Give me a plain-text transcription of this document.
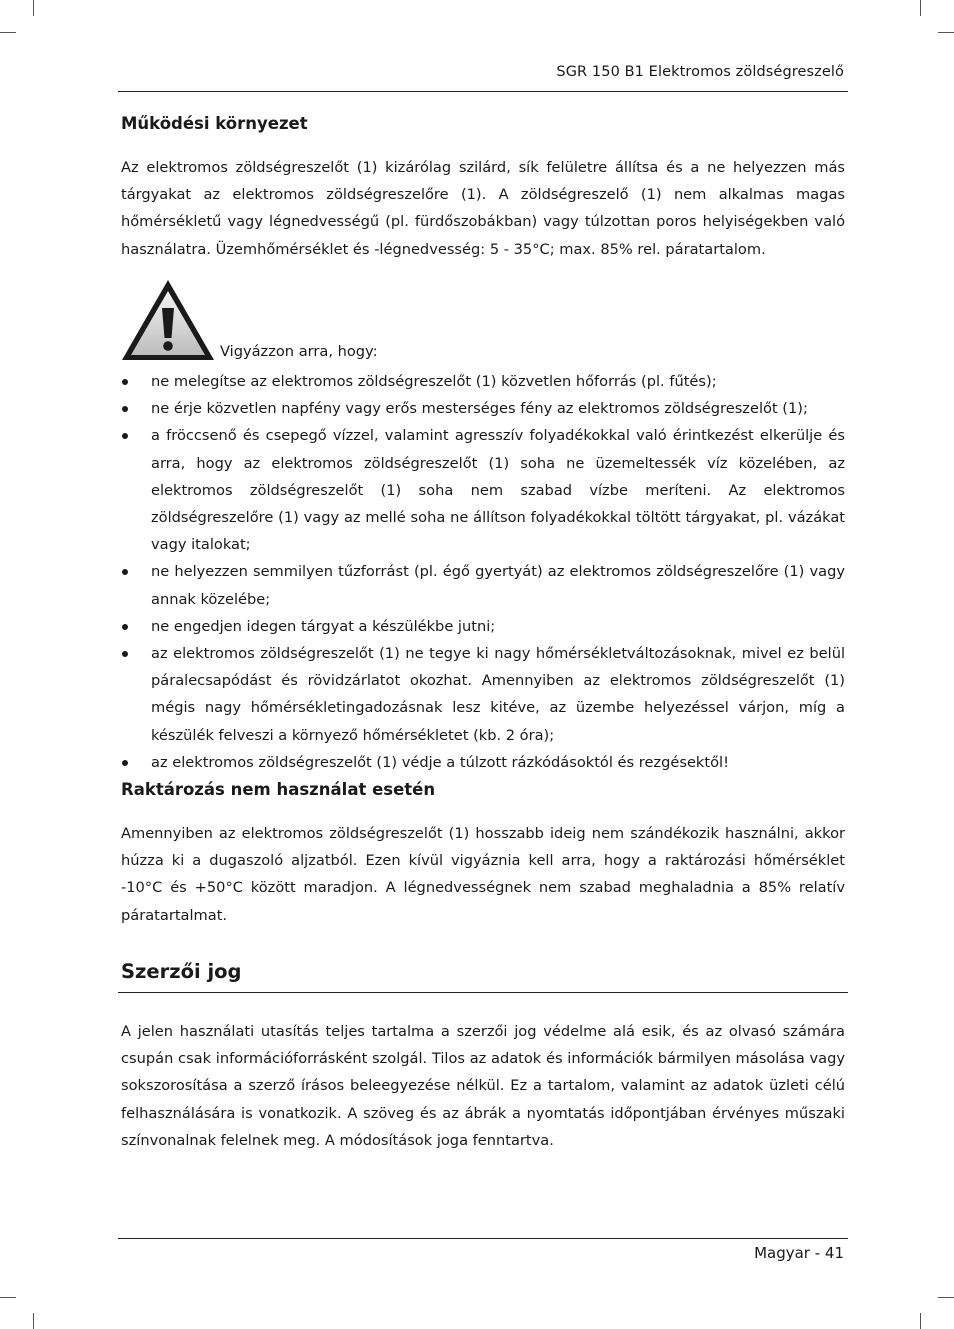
SGR 150 B1 Elektromos zöldségreszelő
Működési környezet

Az elektromos zöldségreszelőt (1) kizárólag szilárd, sík felületre állítsa és a ne helyezzen más tárgyakat az elektromos zöldségreszelőre (1). A zöldségreszelő (1) nem alkalmas magas hőmérsékletű vagy légnedvességű (pl. fürdőszobákban) vagy túlzottan poros helyiségekben való használatra. Üzemhőmérséklet és -légnedvesség: 5 - 35°C; max. 85% rel. páratartalom.

Vigyázzon arra, hogy:
ne melegítse az elektromos zöldségreszelőt (1) közvetlen hőforrás (pl. fűtés);
ne érje közvetlen napfény vagy erős mesterséges fény az elektromos zöldségreszelőt (1);
a fröccsenő és csepegő vízzel, valamint agresszív folyadékokkal való érintkezést elkerülje és arra, hogy az elektromos zöldségreszelőt (1) soha ne üzemeltessék víz közelében, az elektromos zöldségreszelőt (1) soha nem szabad vízbe meríteni. Az elektromos zöldségreszelőre (1) vagy az mellé soha ne állítson folyadékokkal töltött tárgyakat, pl. vázákat vagy italokat;
ne helyezzen semmilyen tűzforrást (pl. égő gyertyát) az elektromos zöldségreszelőre (1) vagy annak közelébe;
ne engedjen idegen tárgyat a készülékbe jutni;
az elektromos zöldségreszelőt (1) ne tegye ki nagy hőmérsékletváltozásoknak, mivel ez belül páralecsapódást és rövidzárlatot okozhat. Amennyiben az elektromos zöldségreszelőt (1) mégis nagy hőmérsékletingadozásnak lesz kitéve, az üzembe helyezéssel várjon, míg a készülék felveszi a környező hőmérsékletet (kb. 2 óra);
az elektromos zöldségreszelőt (1) védje a túlzott rázkódásoktól és rezgésektől!
Raktározás nem használat esetén

Amennyiben az elektromos zöldségreszelőt (1) hosszabb ideig nem szándékozik használni, akkor húzza ki a dugaszoló aljzatból. Ezen kívül vigyáznia kell arra, hogy a raktározási hőmérséklet -10°C és +50°C között maradjon. A légnedvességnek nem szabad meghaladnia a 85% relatív páratartalmat.

Szerzői jog

A jelen használati utasítás teljes tartalma a szerzői jog védelme alá esik, és az olvasó számára csupán csak információforrásként szolgál. Tilos az adatok és információk bármilyen másolása vagy sokszorosítása a szerző írásos beleegyezése nélkül. Ez a tartalom, valamint az adatok üzleti célú felhasználására is vonatkozik. A szöveg és az ábrák a nyomtatás időpontjában érvényes műszaki színvonalnak felelnek meg. A módosítások joga fenntartva.

Magyar - 41
